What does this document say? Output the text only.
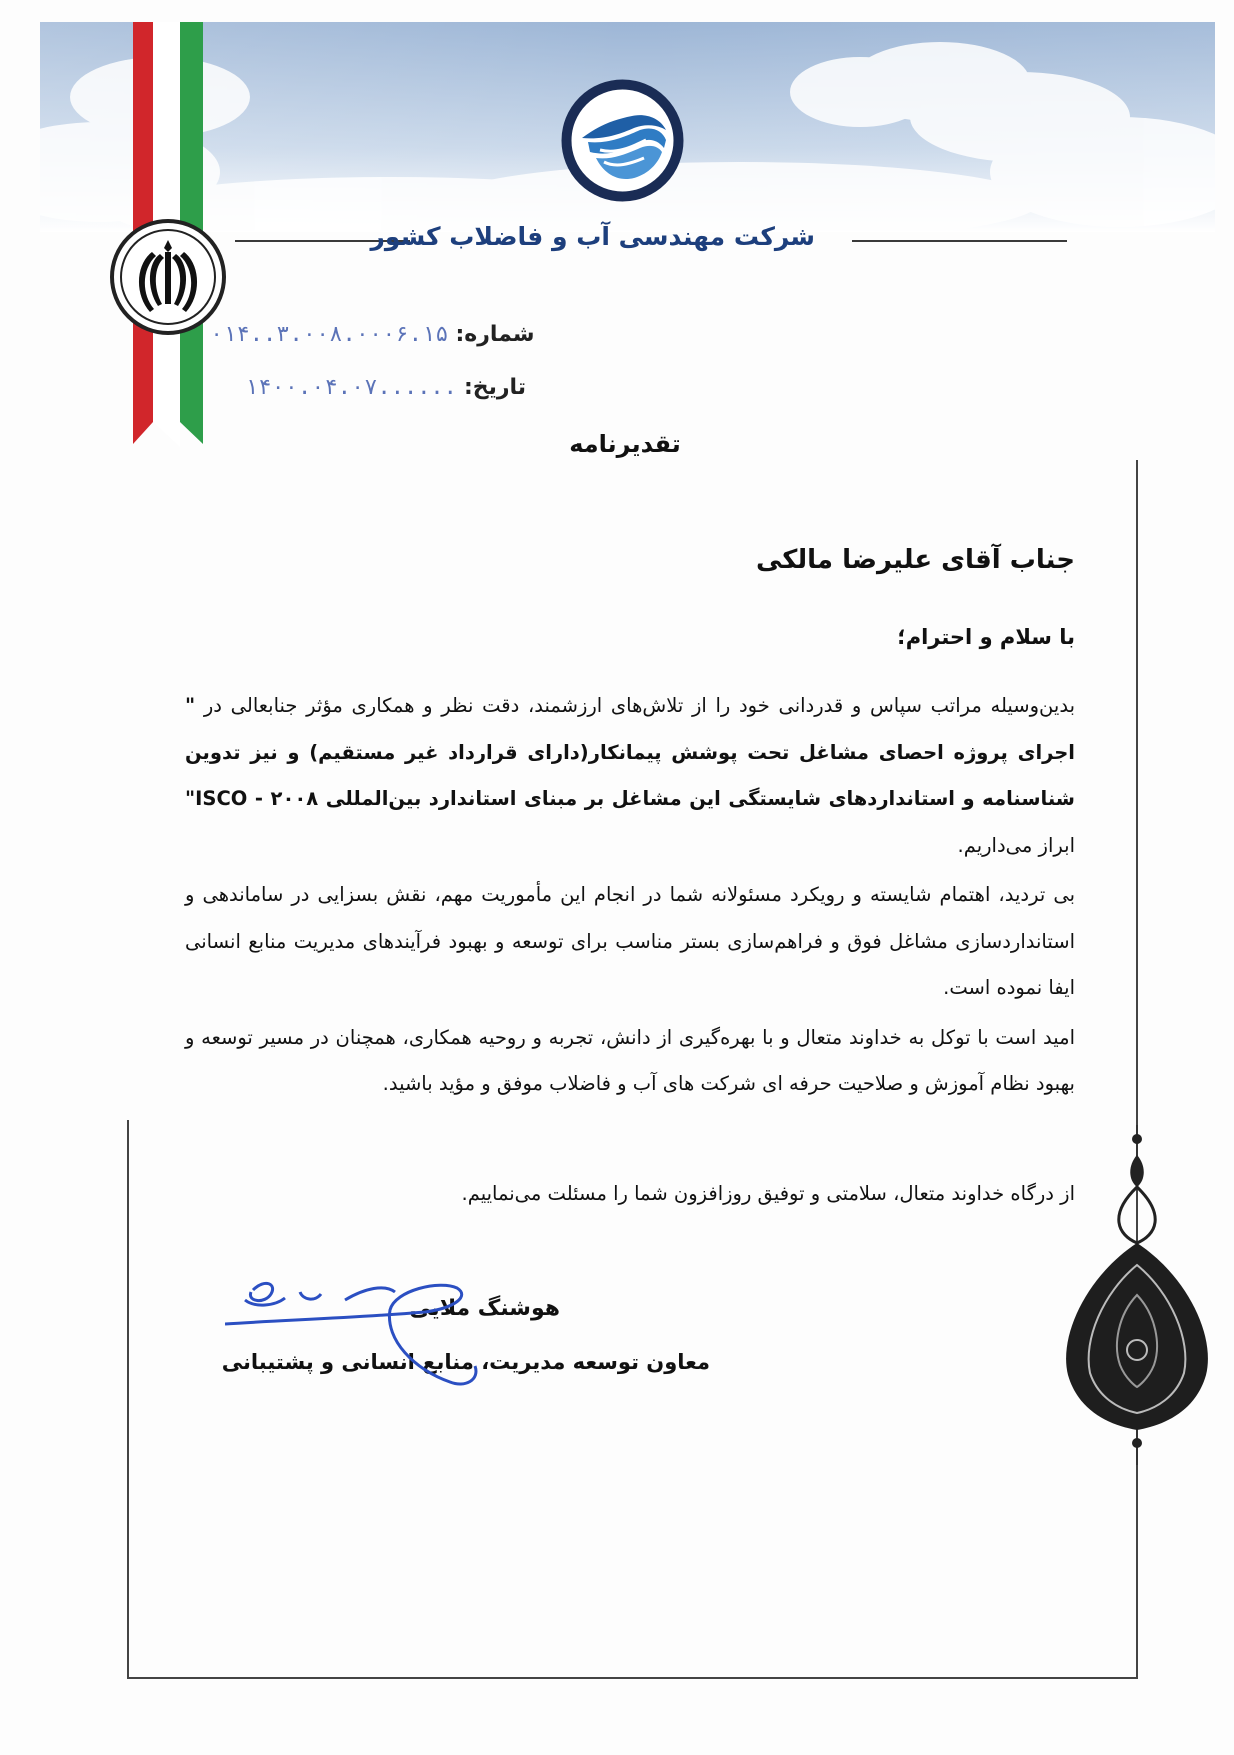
شرکت مهندسی آب و فاضلاب کشور
شماره: ۳.۰۰۸.۰۰۰۶.۱۵..۰۱۴
تاریخ: ......۱۴۰۰.۰۴.۰۷
تقدیرنامه
جناب آقای علیرضا مالکی
با سلام و احترام؛

بدین‌وسیله مراتب سپاس و قدردانی خود را از تلاش‌های ارزشمند، دقت نظر و همکاری مؤثر جنابعالی در " اجرای پروژه احصای مشاغل تحت پوشش پیمانکار(دارای قرارداد غیر مستقیم) و نیز تدوین شناسنامه و استانداردهای شایستگی این مشاغل بر مبنای استاندارد بین‌المللی ISCO - ۲۰۰۸" ابراز می‌داریم.

بی تردید، اهتمام شایسته و رویکرد مسئولانه شما در انجام این مأموریت مهم، نقش بسزایی در ساماندهی و استانداردسازی مشاغل فوق و فراهم‌سازی بستر مناسب برای توسعه و بهبود فرآیندهای مدیریت منابع انسانی ایفا نموده است.

امید است با توکل به خداوند متعال و با بهره‌گیری از دانش، تجربه و روحیه همکاری، همچنان در مسیر توسعه و بهبود نظام آموزش و صلاحیت حرفه ای شرکت های آب و فاضلاب موفق و مؤید باشید.

از درگاه خداوند متعال، سلامتی و توفیق روزافزون شما را مسئلت می‌نماییم.
هوشنگ ملایی
معاون توسعه مدیریت، منابع انسانی و پشتیبانی
